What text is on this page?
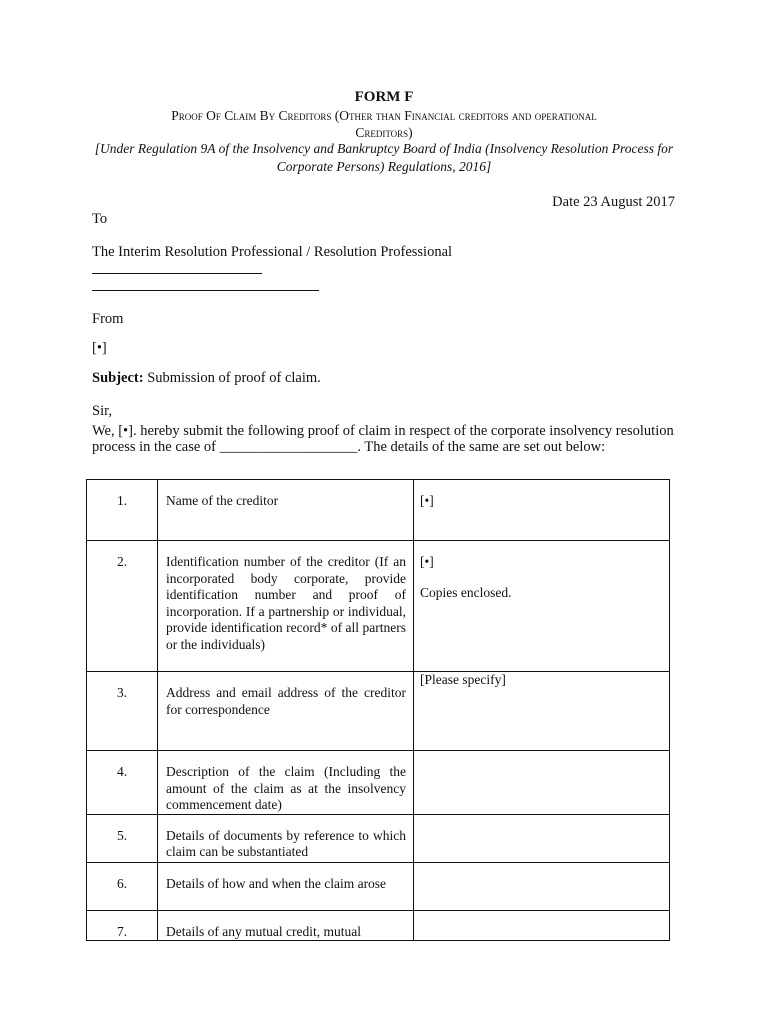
FORM F
Proof Of Claim By Creditors (Other than Financial creditors and operational
Creditors)
[Under Regulation 9A of the Insolvency and Bankruptcy Board of India (Insolvency Resolution Process for Corporate Persons) Regulations, 2016]
Date 23 August 2017
To
The Interim Resolution Professional / Resolution Professional
From
[•]
Subject: Submission of proof of claim.
Sir,
We, [•]. hereby submit the following proof of claim in respect of the corporate insolvency resolution
process in the case of ___________________. The details of the same are set out below:
1.	Name of the creditor	[•]

2.	Identification number of the creditor (If an incorporated body corporate, provide identification number and proof of incorporation. If a partnership or individual, provide identification record* of all partners or the individuals)	[•]
Copies enclosed.

3.	Address and email address of the creditor for correspondence	[Please specify]

4.	Description of the claim (Including the amount of the claim as at the insolvency commencement date)	
5.	Details of documents by reference to which claim can be substantiated	
6.	Details of how and when the claim arose	
7.	Details of any mutual credit, mutual	
